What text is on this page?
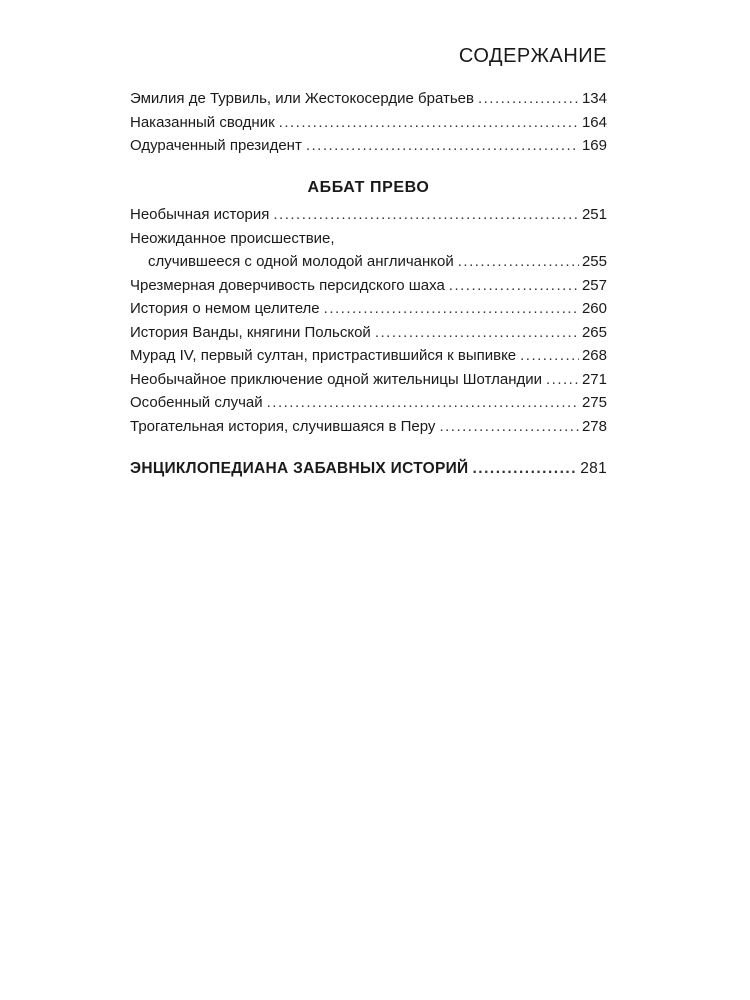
СОДЕРЖАНИЕ
Эмилия де Турвиль, или Жестокосердие братьев .....	134
Наказанный сводник .....	164
Одураченный президент .....	169
АББАТ ПРЕВО
Необычная история .....	251
Неожиданное происшествие,
случившееся с одной молодой англичанкой .....	255
Чрезмерная доверчивость персидского шаха .....	257
История о немом целителе .....	260
История Ванды, княгини Польской .....	265
Мурад IV, первый султан, пристрастившийся к выпивке .....	268
Необычайное приключение одной жительницы Шотландии .....	271
Особенный случай .....	275
Трогательная история, случившаяся в Перу .....	278
ЭНЦИКЛОПЕДИАНА ЗАБАВНЫХ ИСТОРИЙ .....	281
